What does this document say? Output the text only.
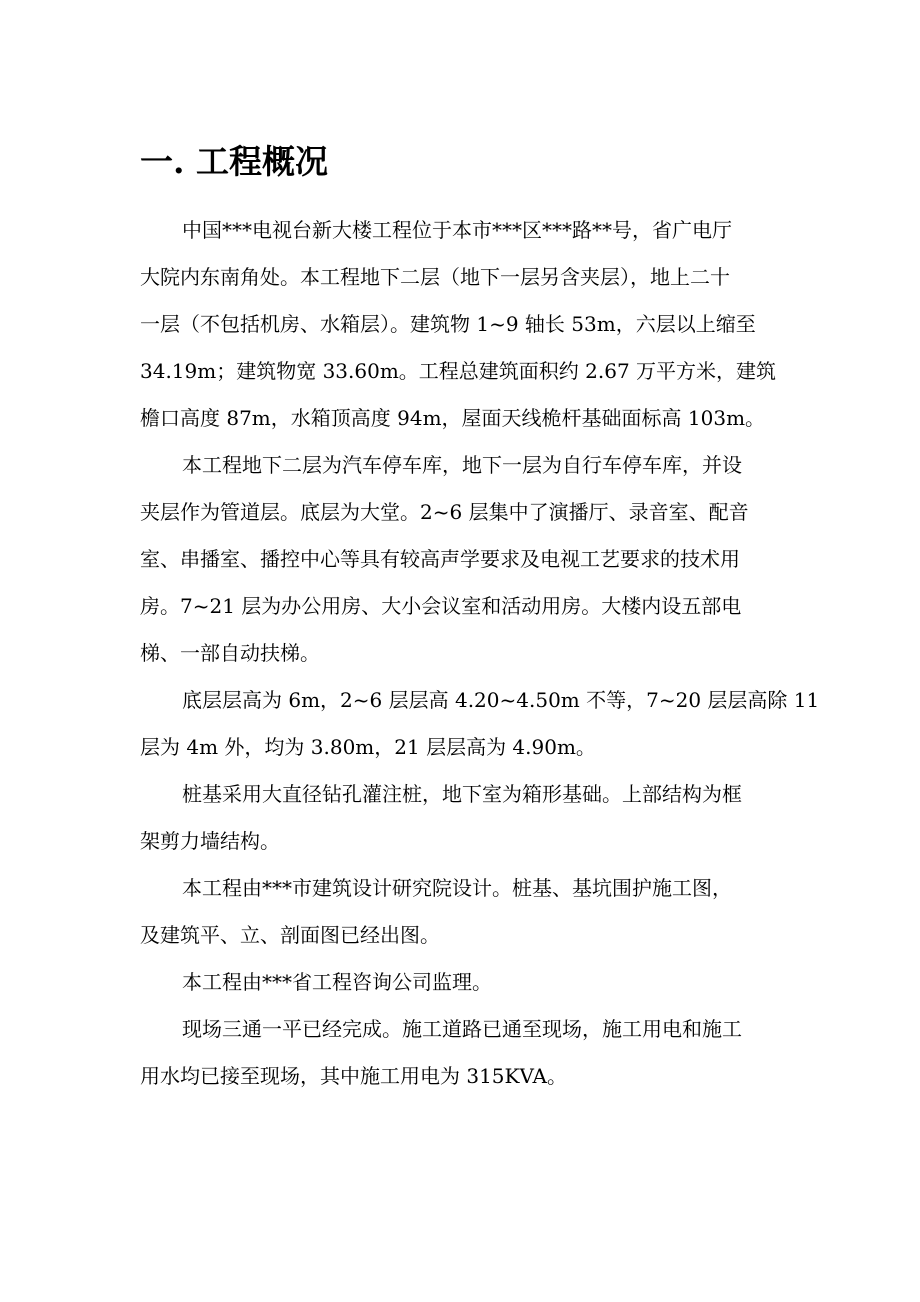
一. 工程概况

中国***电视台新大楼工程位于本市***区***路**号，省广电厅
大院内东南角处。本工程地下二层（地下一层另含夹层），地上二十
一层（不包括机房、水箱层）。建筑物 1~9 轴长 53m，六层以上缩至
34.19m；建筑物宽 33.60m。工程总建筑面积约 2.67 万平方米，建筑
檐口高度 87m，水箱顶高度 94m，屋面天线桅杆基础面标高 103m。

本工程地下二层为汽车停车库，地下一层为自行车停车库，并设
夹层作为管道层。底层为大堂。2~6 层集中了演播厅、录音室、配音
室、串播室、播控中心等具有较高声学要求及电视工艺要求的技术用
房。7~21 层为办公用房、大小会议室和活动用房。大楼内设五部电
梯、一部自动扶梯。

底层层高为 6m，2~6 层层高 4.20~4.50m 不等，7~20 层层高除 11
层为 4m 外，均为 3.80m，21 层层高为 4.90m。

桩基采用大直径钻孔灌注桩，地下室为箱形基础。上部结构为框
架剪力墙结构。

本工程由***市建筑设计研究院设计。桩基、基坑围护施工图，
及建筑平、立、剖面图已经出图。

本工程由***省工程咨询公司监理。

现场三通一平已经完成。施工道路已通至现场，施工用电和施工
用水均已接至现场，其中施工用电为 315KVA。
